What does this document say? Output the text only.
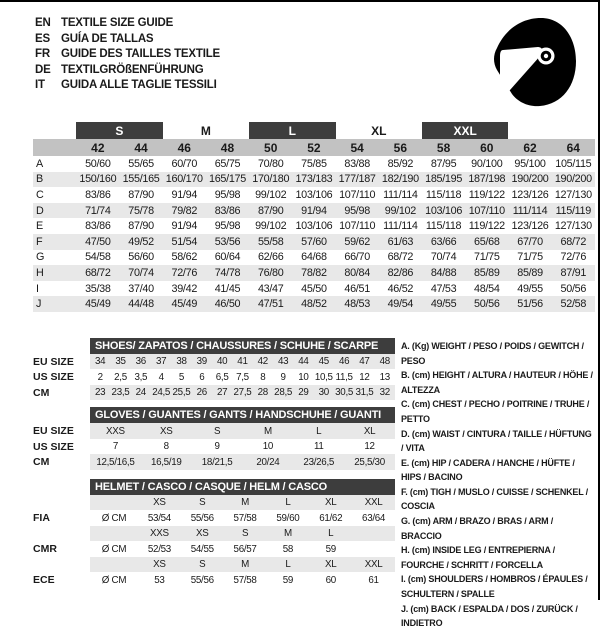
EN TEXTILE SIZE GUIDE
ES GUÍA DE TALLAS
FR GUIDE DES TAILLES TEXTILE
DE TEXTILGRÖßENFÜHRUNG
IT	GUIDA ALLE TAGLIE TESSILI
	S		M		L		XL		XXL			
	42	44	46	48	50	52	54	56	58	60	62	64
A	50/60	55/65	60/70	65/75	70/80	75/85	83/88	85/92	87/95	90/100	95/100	105/115
B	150/160	155/165	160/170	165/175	170/180	173/183	177/187	182/190	185/195	187/198	190/200	190/200
C	83/86	87/90	91/94	95/98	99/102	103/106	107/110	111/114	115/118	119/122	123/126	127/130
D	71/74	75/78	79/82	83/86	87/90	91/94	95/98	99/102	103/106	107/110	111/114	115/119
E	83/86	87/90	91/94	95/98	99/102	103/106	107/110	111/114	115/118	119/122	123/126	127/130
F	47/50	49/52	51/54	53/56	55/58	57/60	59/62	61/63	63/66	65/68	67/70	68/72
G	54/58	56/60	58/62	60/64	62/66	64/68	66/70	68/72	70/74	71/75	71/75	72/76
H	68/72	70/74	72/76	74/78	76/80	78/82	80/84	82/86	84/88	85/89	85/89	87/91
I	35/38	37/40	39/42	41/45	43/47	45/50	46/51	46/52	47/53	48/54	49/55	50/56
J	45/49	44/48	45/49	46/50	47/51	48/52	48/53	49/54	49/55	50/56	51/56	52/58
	SHOES/ ZAPATOS / CHAUSSURES / SCHUHE / SCARPE														
EU SIZE	34	35	36	37	38	39	40	41	42	43	44	45	46	47	48
US SIZE	2	2,5	3,5	4	5	6	6,5	7,5	8	9	10	10,5	11,5	12	13
CM	23	23,5	24	24,5	25,5	26	27	27,5	28	28,5	29	30	30,5	31,5	32
	GLOVES / GUANTES / GANTS / HANDSCHUHE / GUANTI					
EU SIZE	XXS	XS	S	M	L	XL
US SIZE	7	8	9	10	11	12
CM	12,5/16,5	16,5/19	18/21,5	20/24	23/26,5	25,5/30
	HELMET / CASCO / CASQUE / HELM / CASCO						
		XS	S	M	L	XL	XXL
FIA	Ø CM	53/54	55/56	57/58	59/60	61/62	63/64
		XXS	XS	S	M	L	
CMR	Ø CM	52/53	54/55	56/57	58	59	
		XS	S	M	L	XL	XXL
ECE	Ø CM	53	55/56	57/58	59	60	61
A. (Kg) WEIGHT / PESO / POIDS / GEWITCH / PESO
B. (cm) HEIGHT / ALTURA / HAUTEUR / HÖHE / ALTEZZA
C. (cm) CHEST / PECHO / POITRINE / TRUHE / PETTO
D. (cm) WAIST / CINTURA / TAILLE / HÜFTUNG / VITA
E. (cm) HIP / CADERA / HANCHE / HÜFTE / HIPS / BACINO
F. (cm) TIGH / MUSLO / CUISSE / SCHENKEL / COSCIA
G. (cm) ARM / BRAZO / BRAS / ARM / BRACCIO
H. (cm) INSIDE LEG / ENTREPIERNA / FOURCHE / SCHRITT / FORCELLA
I. (cm) SHOULDERS / HOMBROS / ÉPAULES / SCHULTERN / SPALLE
J. (cm) BACK / ESPALDA / DOS / ZURÜCK / INDIETRO
